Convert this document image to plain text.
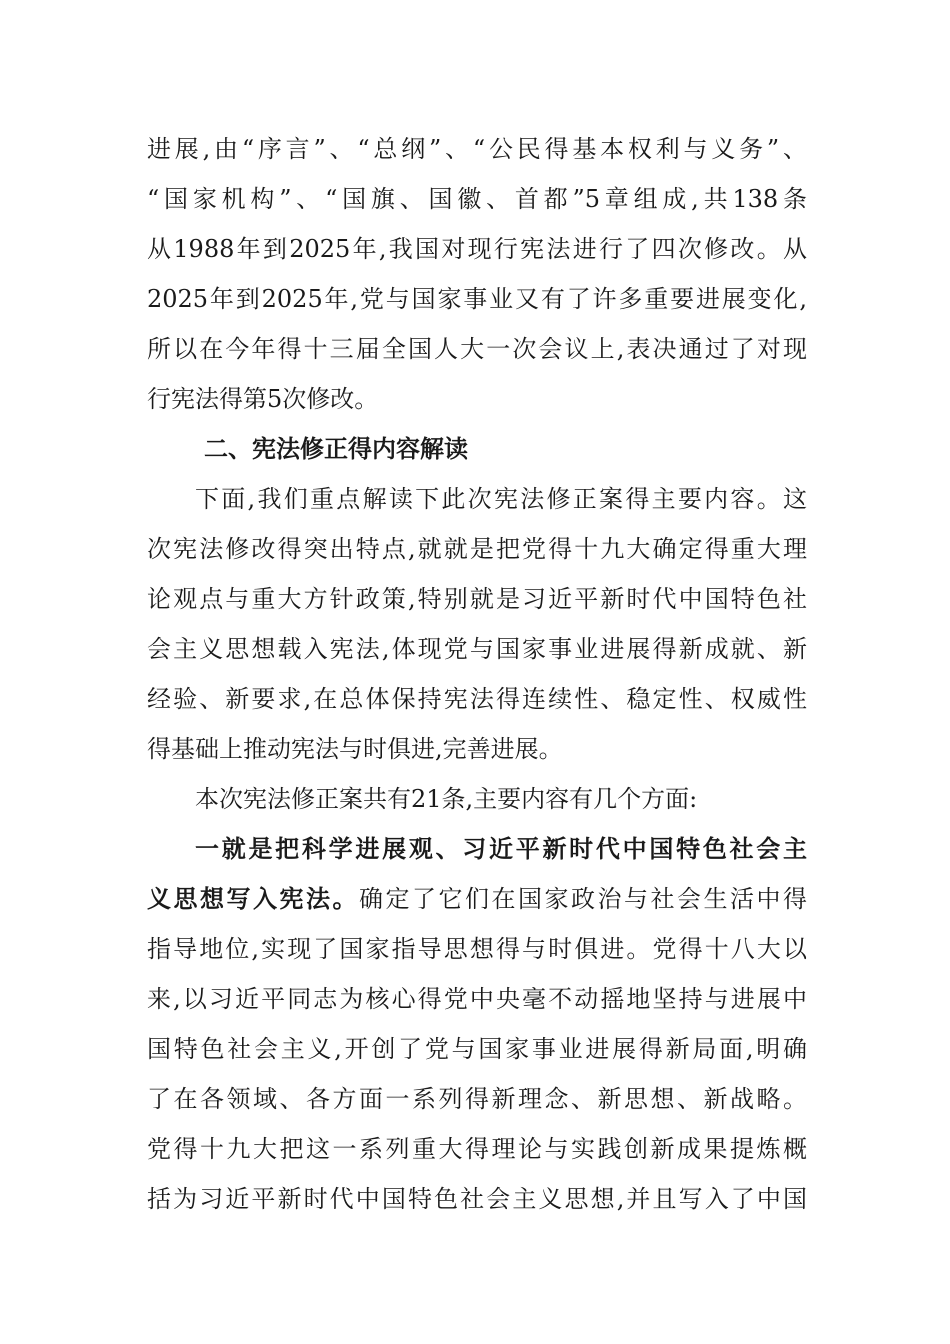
进展,由“序言”、“总纲”、“公民得基本权利与义务”、
“国家机构”、“国旗、国徽、首都”5章组成,共138条
从1988年到2025年,我国对现行宪法进行了四次修改。从
2025年到2025年,党与国家事业又有了许多重要进展变化,
所以在今年得十三届全国人大一次会议上,表决通过了对现
行宪法得第5次修改。
二、宪法修正得内容解读
下面,我们重点解读下此次宪法修正案得主要内容。这
次宪法修改得突出特点,就就是把党得十九大确定得重大理
论观点与重大方针政策,特别就是习近平新时代中国特色社
会主义思想载入宪法,体现党与国家事业进展得新成就、新
经验、新要求,在总体保持宪法得连续性、稳定性、权威性
得基础上推动宪法与时俱进,完善进展。
本次宪法修正案共有21条,主要内容有几个方面:
一就是把科学进展观、习近平新时代中国特色社会主
义思想写入宪法。确定了它们在国家政治与社会生活中得
指导地位,实现了国家指导思想得与时俱进。党得十八大以
来,以习近平同志为核心得党中央毫不动摇地坚持与进展中
国特色社会主义,开创了党与国家事业进展得新局面,明确
了在各领域、各方面一系列得新理念、新思想、新战略。
党得十九大把这一系列重大得理论与实践创新成果提炼概
括为习近平新时代中国特色社会主义思想,并且写入了中国
